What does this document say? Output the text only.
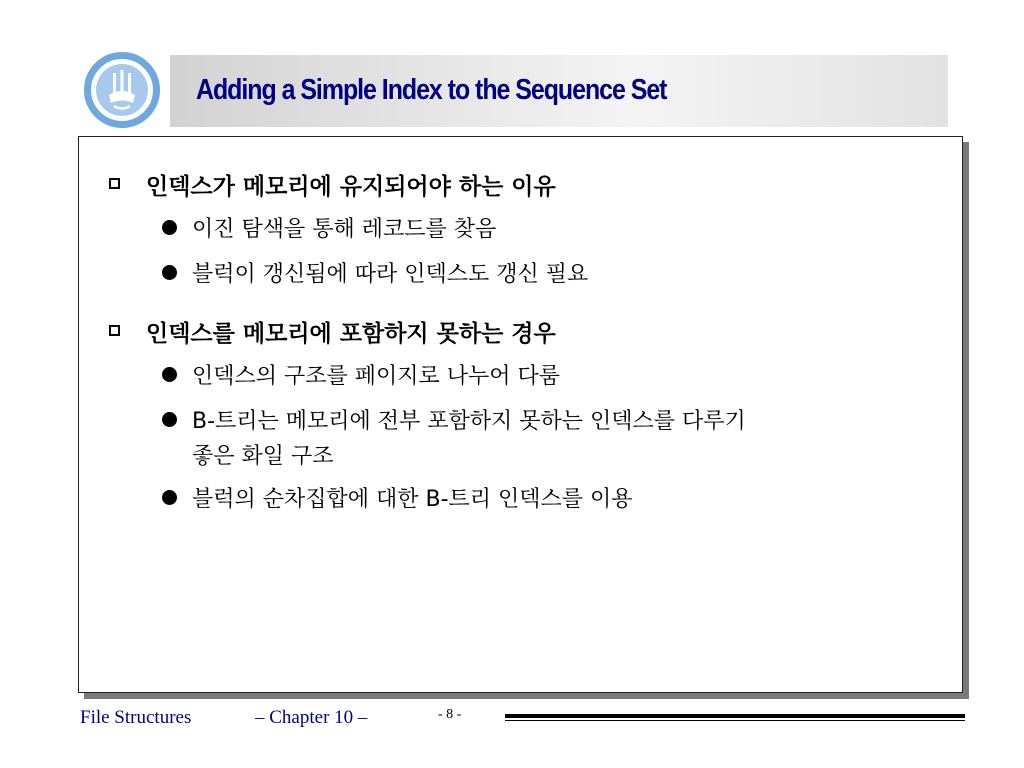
Adding a Simple Index to the Sequence Set
인덱스가 메모리에 유지되어야 하는 이유
이진 탐색을 통해 레코드를 찾음
블럭이 갱신됨에 따라 인덱스도 갱신 필요
인덱스를 메모리에 포함하지 못하는 경우
인덱스의 구조를 페이지로 나누어 다룸
B-트리는 메모리에 전부 포함하지 못하는 인덱스를 다루기
좋은 화일 구조
블럭의 순차집합에 대한 B-트리 인덱스를 이용
File Structures	– Chapter 10 –	- 8 -
